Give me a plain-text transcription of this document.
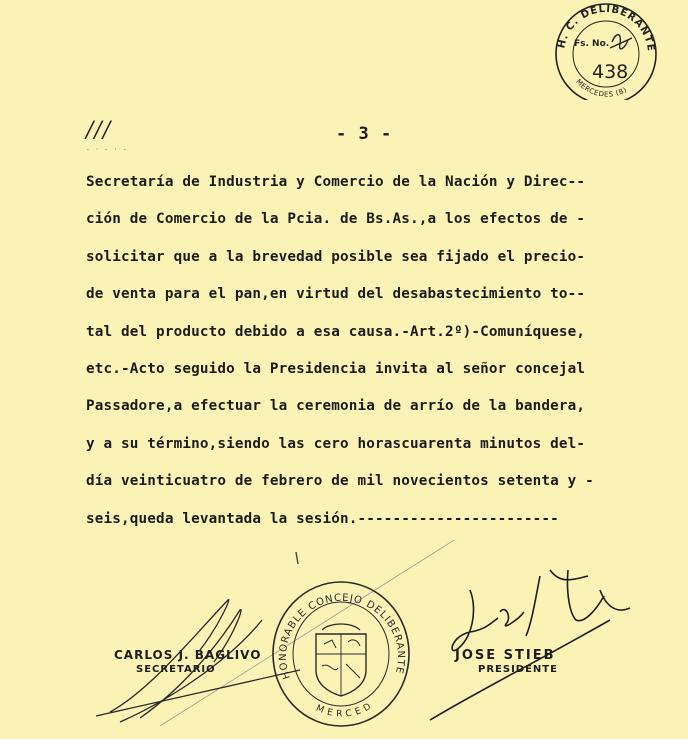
H. C. DELIBERANTE
Fs. No.
438
MERCEDES (B)
///
- · - · -
- 3 -
Secretaría de Industria y Comercio de la Nación y Direc--
ción de Comercio de la Pcia. de Bs.As.,a los efectos de -
solicitar que a la brevedad posible sea fijado el precio-
de venta para el pan,en virtud del desabastecimiento to--
tal del producto debido a esa causa.-Art.2º)-Comuníquese,
etc.-Acto seguido la Presidencia invita al señor concejal
Passadore,a efectuar la ceremonia de arrío de la bandera,
y a su término,siendo las cero horascuarenta minutos del-
día veinticuatro de febrero de mil novecientos setenta y -
seis,queda levantada la sesión.-----------------------
HONORABLE CONCEJO DELIBERANTE
MERCED
CARLOS J. BAGLIVO
SECRETARIO
JOSE STIEB
PRESIDENTE
